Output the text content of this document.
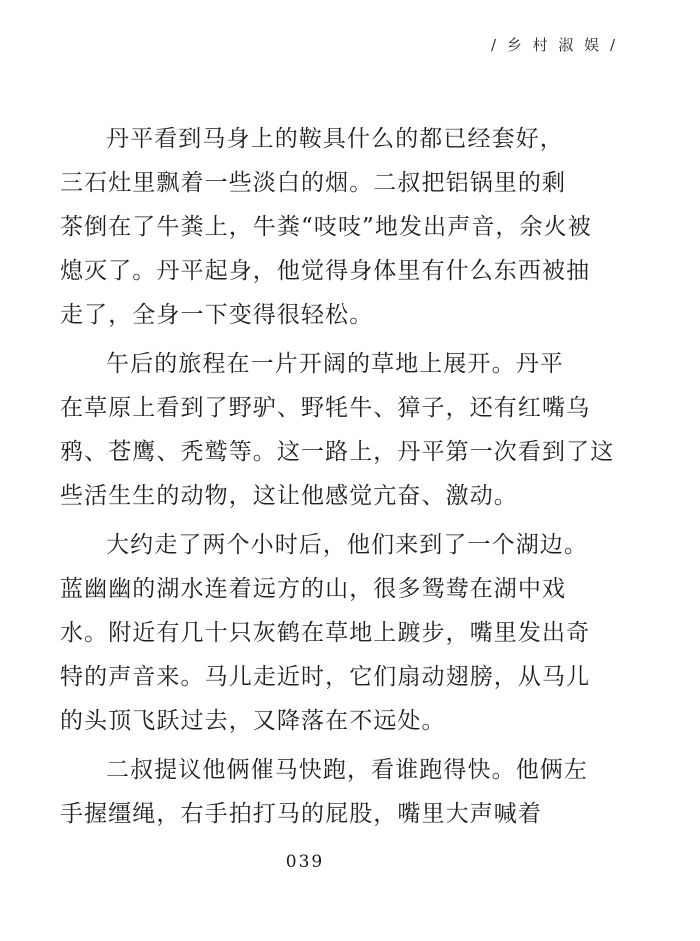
/ 乡 村 淑 娱 /
丹平看到马身上的鞍具什么的都已经套好，
三石灶里飘着一些淡白的烟。二叔把铝锅里的剩
茶倒在了牛粪上，牛粪“吱吱”地发出声音，余火被
熄灭了。丹平起身，他觉得身体里有什么东西被抽
走了，全身一下变得很轻松。
午后的旅程在一片开阔的草地上展开。丹平
在草原上看到了野驴、野牦牛、獐子，还有红嘴乌
鸦、苍鹰、秃鹫等。这一路上，丹平第一次看到了这
些活生生的动物，这让他感觉亢奋、激动。
大约走了两个小时后，他们来到了一个湖边。
蓝幽幽的湖水连着远方的山，很多鸳鸯在湖中戏
水。附近有几十只灰鹤在草地上踱步，嘴里发出奇
特的声音来。马儿走近时，它们扇动翅膀，从马儿
的头顶飞跃过去，又降落在不远处。
二叔提议他俩催马快跑，看谁跑得快。他俩左
手握缰绳，右手拍打马的屁股，嘴里大声喊着
039
